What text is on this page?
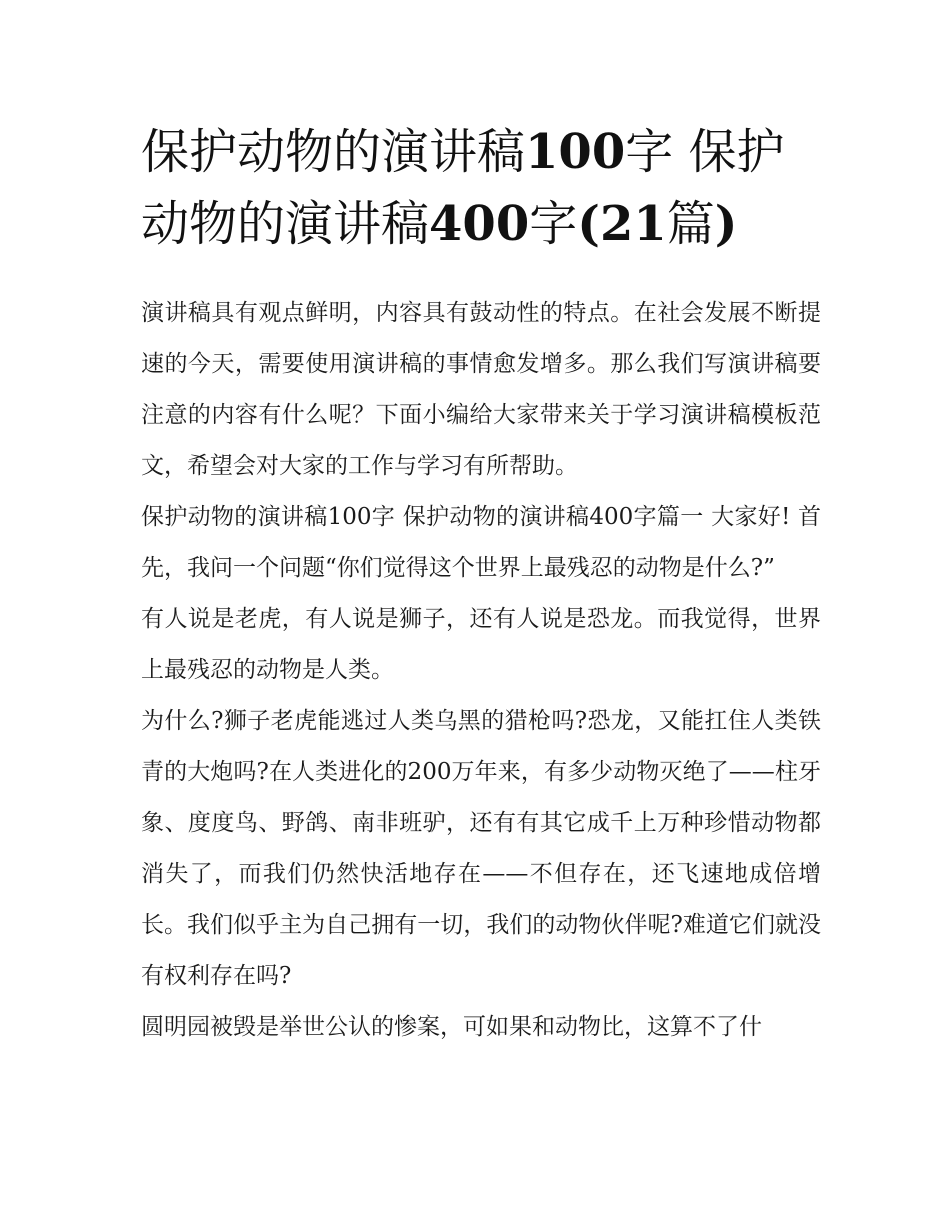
保护动物的演讲稿100字 保护动物的演讲稿400字(21篇)

演讲稿具有观点鲜明，内容具有鼓动性的特点。在社会发展不断提速的今天，需要使用演讲稿的事情愈发增多。那么我们写演讲稿要注意的内容有什么呢？下面小编给大家带来关于学习演讲稿模板范文，希望会对大家的工作与学习有所帮助。

保护动物的演讲稿100字 保护动物的演讲稿400字篇一 大家好! 首先，我问一个问题“你们觉得这个世界上最残忍的动物是什么?”

有人说是老虎，有人说是狮子，还有人说是恐龙。而我觉得，世界上最残忍的动物是人类。

为什么?狮子老虎能逃过人类乌黑的猎枪吗?恐龙，又能扛住人类铁青的大炮吗?在人类进化的200万年来，有多少动物灭绝了——柱牙象、度度鸟、野鸽、南非班驴，还有有其它成千上万种珍惜动物都消失了，而我们仍然快活地存在——不但存在，还飞速地成倍增长。我们似乎主为自己拥有一切，我们的动物伙伴呢?难道它们就没有权利存在吗?

圆明园被毁是举世公认的惨案，可如果和动物比，这算不了什
